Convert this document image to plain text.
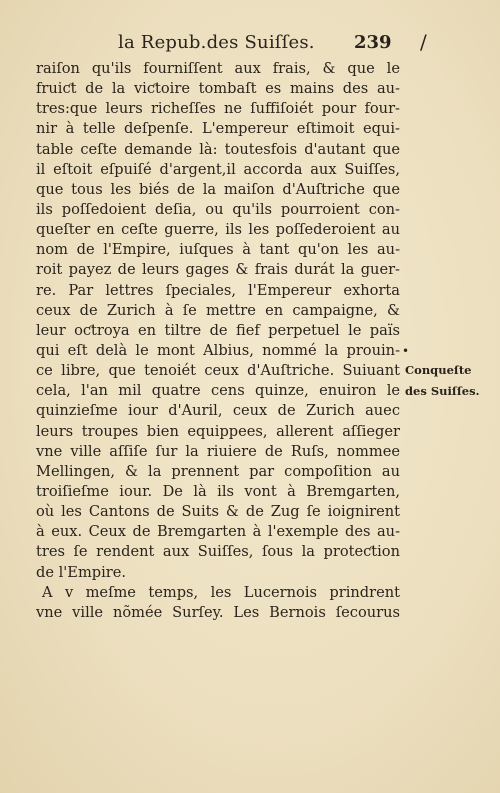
la Repub.des Suiſſes. 239 /
raiſon qu'ils fourniſſent aux frais, & que le
fruiƈt de la viƈtoire tombaſt es mains des au-
tres:que leurs richeſſes ne ſuffiſoiét pour four-
nir à telle deſpenſe. L'empereur eſtimoit equi-
table ceſte demande là: toutesfois d'autant que
il eſtoit eſpuiſé d'argent,il accorda aux Suiſſes,
que tous les biés de la maiſon d'Auſtriche que
ils poſſedoient deſia, ou qu'ils pourroient con-
queſter en ceſte guerre, ils les poſſederoient au
nom de l'Empire, iuſques à tant qu'on les au-
roit payez de leurs gages & frais durát la guer-
re. Par lettres ſpeciales, l'Empereur exhorta
ceux de Zurich à ſe mettre en campaigne, &
leur oƈtroya en tiltre de fief perpetuel le païs
qui eſt delà le mont Albius, nommé la prouin-
ce libre, que tenoiét ceux d'Auſtriche. Suiuant
cela, l'an mil quatre cens quinze, enuiron le
quinzieſme iour d'Auril, ceux de Zurich auec
leurs troupes bien equippees, allerent aſſieger
vne ville aſſiſe ſur la riuiere de Ruſs, nommee
Mellingen, & la prennent par compoſition au
troiſieſme iour. De là ils vont à Bremgarten,
où les Cantons de Suits & de Zug ſe ioignirent
à eux. Ceux de Bremgarten à l'exemple des au-
tres ſe rendent aux Suiſſes, ſous la proteƈtion
de l'Empire.
A v meſme temps, les Lucernois prindrent
vne ville nõmée Surſey. Les Bernois ſecourus
•
Conqueſte
des Suiſſes.
